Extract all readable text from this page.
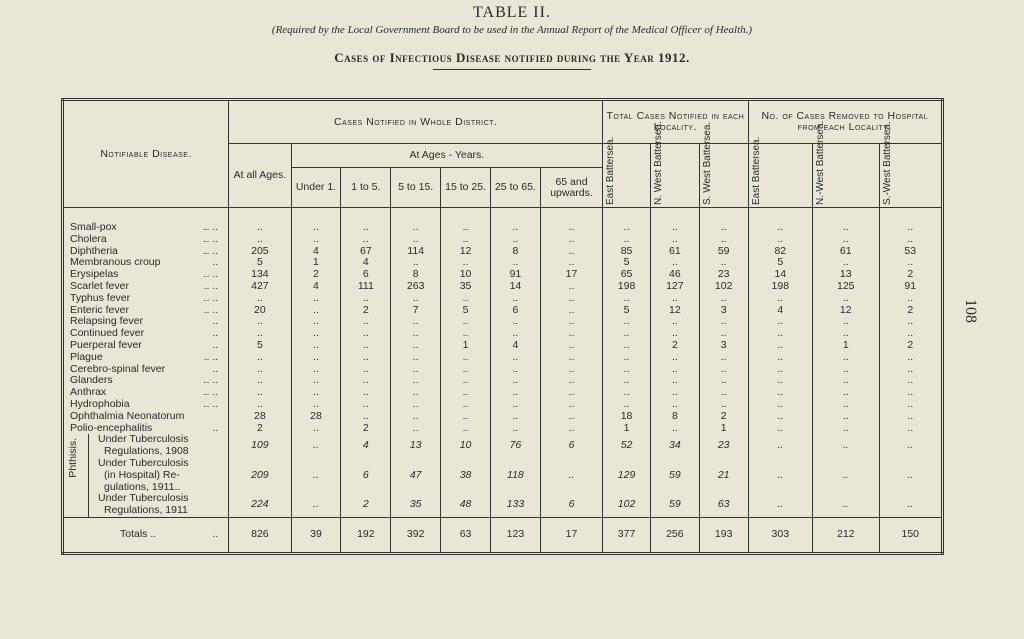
TABLE II.
(Required by the Local Government Board to be used in the Annual Report of the Medical Officer of Health.)
Cases of Infectious Disease notified during the Year 1912.
108
Notifiable Disease.	Cases Notified in Whole District.							Total Cases Notified in each Locality.			No. of Cases Removed to Hospital from each Locality.		
	At all Ages.	At Ages - Years.						East Battersea.	N. West Battersea.	S. West Battersea.	East Battersea.	N.-West Battersea.	S.-West Battersea.

		Under 1.	1 to 5.	5 to 15.	15 to 25.	25 to 65.	65 and upwards.						

Small-pox .. ..	..	..	..	..	..	..	..	..	..	..	..	..	..
Cholera .. ..	..	..	..	..	..	..	..	..	..	..	..	..	..
Diphtheria .. ..	205	4	67	114	12	8	..	85	61	59	82	61	53
Membranous croup ..	5	1	4	..	..	..	..	5	..	..	5	..	..
Erysipelas .. ..	134	2	6	8	10	91	17	65	46	23	14	13	2
Scarlet fever .. ..	427	4	111	263	35	14	..	198	127	102	198	125	91
Typhus fever .. ..	..	..	..	..	..	..	..	..	..	..	..	..	..
Enteric fever .. ..	20	..	2	7	5	6	..	5	12	3	4	12	2
Relapsing fever ..	..	..	..	..	..	..	..	..	..	..	..	..	..
Continued fever ..	..	..	..	..	..	..	..	..	..	..	..	..	..
Puerperal fever ..	5	..	..	..	1	4	..	..	2	3	..	1	2
Plague .. ..	..	..	..	..	..	..	..	..	..	..	..	..	..
Cerebro-spinal fever ..	..	..	..	..	..	..	..	..	..	..	..	..	..
Glanders .. ..	..	..	..	..	..	..	..	..	..	..	..	..	..
Anthrax .. ..	..	..	..	..	..	..	..	..	..	..	..	..	..
Hydrophobia .. ..	..	..	..	..	..	..	..	..	..	..	..	..	..
Ophthalmia Neonatorum	28	28	..	..	..	..	..	18	8	2	..	..	..
Polio-encephalitis ..	2	..	2	..	..	..	..	1	..	1	..	..	..

Under Tuberculosis
Regulations, 1908
Phthisis.	109	..	4	13	10	76	6	52	34	23	..	..	..

Under Tuberculosis
(in Hospital) Re-
gulations, 1911..	209	..	6	47	38	118	..	129	59	21	..	..	..

Under Tuberculosis
Regulations, 1911	224	..	2	35	48	133	6	102	59	63	..	..	..
Totals .. ..	826	39	192	392	63	123	17	377	256	193	303	212	150
